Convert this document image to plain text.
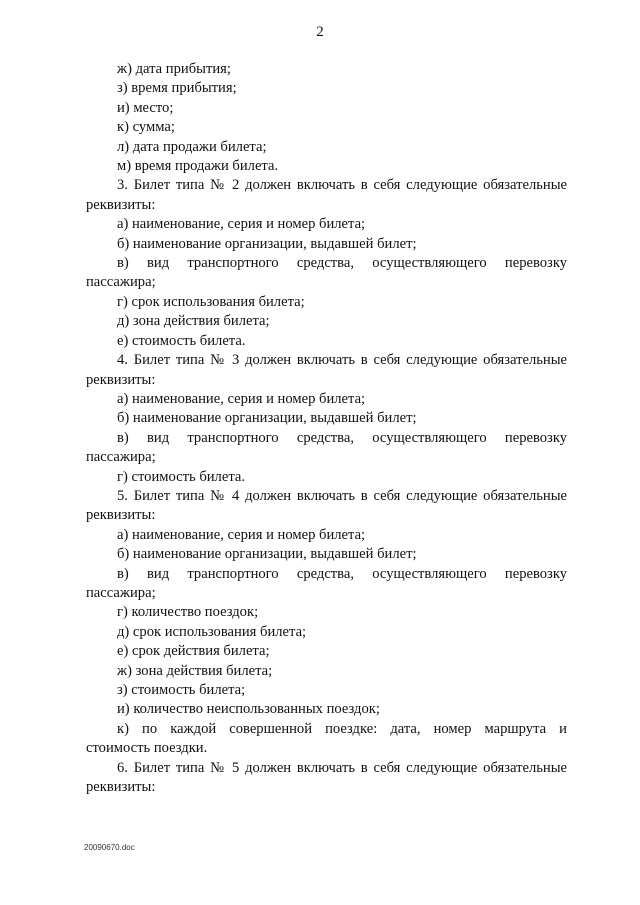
2

ж) дата прибытия;

з) время прибытия;

и) место;

к) сумма;

л) дата продажи билета;

м) время продажи билета.

3. Билет типа № 2 должен включать в себя следующие обязательные

реквизиты:

а) наименование, серия и номер билета;

б) наименование организации, выдавшей билет;

в) вид транспортного средства, осуществляющего перевозку

пассажира;

г) срок использования билета;

д) зона действия билета;

е) стоимость билета.

4. Билет типа № 3 должен включать в себя следующие обязательные

реквизиты:

а) наименование, серия и номер билета;

б) наименование организации, выдавшей билет;

в) вид транспортного средства, осуществляющего перевозку

пассажира;

г) стоимость билета.

5. Билет типа № 4 должен включать в себя следующие обязательные

реквизиты:

а) наименование, серия и номер билета;

б) наименование организации, выдавшей билет;

в) вид транспортного средства, осуществляющего перевозку

пассажира;

г) количество поездок;

д) срок использования билета;

е) срок действия билета;

ж) зона действия билета;

з) стоимость билета;

и) количество неиспользованных поездок;

к) по каждой совершенной поездке: дата, номер маршрута и

стоимость поездки.

6. Билет типа № 5 должен включать в себя следующие обязательные

реквизиты:

20090670.doc
